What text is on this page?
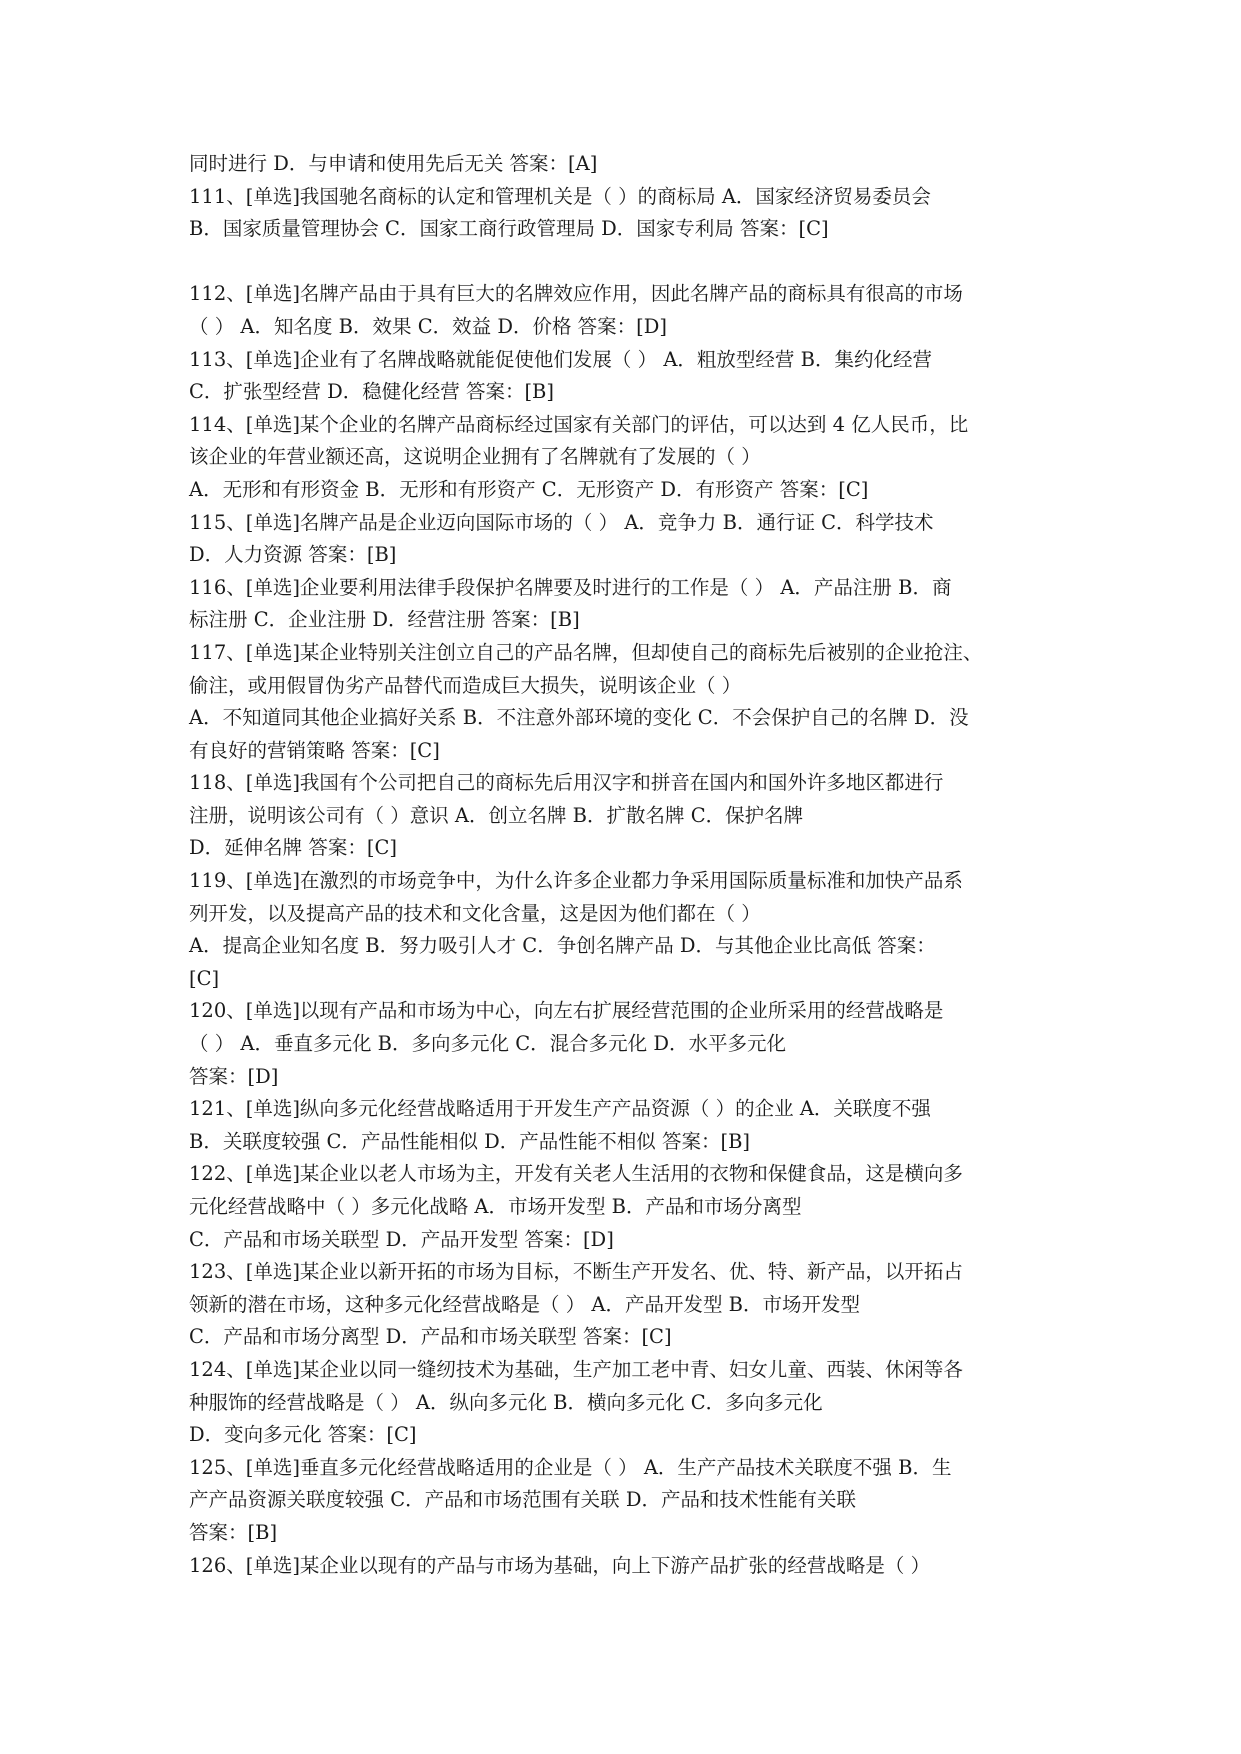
同时进行 D．与申请和使用先后无关 答案：[A]
111、[单选]我国驰名商标的认定和管理机关是（ ）的商标局 A．国家经济贸易委员会
B．国家质量管理协会 C．国家工商行政管理局 D．国家专利局 答案：[C]
112、[单选]名牌产品由于具有巨大的名牌效应作用，因此名牌产品的商标具有很高的市场
（ ） A．知名度 B．效果 C．效益 D．价格 答案：[D]
113、[单选]企业有了名牌战略就能促使他们发展（ ） A．粗放型经营 B．集约化经营
C．扩张型经营 D．稳健化经营 答案：[B]
114、[单选]某个企业的名牌产品商标经过国家有关部门的评估，可以达到 4 亿人民币，比
该企业的年营业额还高，这说明企业拥有了名牌就有了发展的（ ）
A．无形和有形资金 B．无形和有形资产 C．无形资产 D．有形资产 答案：[C]
115、[单选]名牌产品是企业迈向国际市场的（ ） A．竞争力 B．通行证 C．科学技术
D．人力资源 答案：[B]
116、[单选]企业要利用法律手段保护名牌要及时进行的工作是（ ） A．产品注册 B．商
标注册 C．企业注册 D．经营注册 答案：[B]
117、[单选]某企业特别关注创立自己的产品名牌，但却使自己的商标先后被别的企业抢注、
偷注，或用假冒伪劣产品替代而造成巨大损失，说明该企业（ ）
A．不知道同其他企业搞好关系 B．不注意外部环境的变化 C．不会保护自己的名牌 D．没
有良好的营销策略 答案：[C]
118、[单选]我国有个公司把自己的商标先后用汉字和拼音在国内和国外许多地区都进行
注册，说明该公司有（ ）意识 A．创立名牌 B．扩散名牌 C．保护名牌
D．延伸名牌 答案：[C]
119、[单选]在激烈的市场竞争中，为什么许多企业都力争采用国际质量标准和加快产品系
列开发，以及提高产品的技术和文化含量，这是因为他们都在（ ）
A．提高企业知名度 B．努力吸引人才 C．争创名牌产品 D．与其他企业比高低 答案：
[C]
120、[单选]以现有产品和市场为中心，向左右扩展经营范围的企业所采用的经营战略是
（ ） A．垂直多元化 B．多向多元化 C．混合多元化 D．水平多元化
答案：[D]
121、[单选]纵向多元化经营战略适用于开发生产产品资源（ ）的企业 A．关联度不强
B．关联度较强 C．产品性能相似 D．产品性能不相似 答案：[B]
122、[单选]某企业以老人市场为主，开发有关老人生活用的衣物和保健食品，这是横向多
元化经营战略中（ ）多元化战略 A．市场开发型 B．产品和市场分离型
C．产品和市场关联型 D．产品开发型 答案：[D]
123、[单选]某企业以新开拓的市场为目标，不断生产开发名、优、特、新产品，以开拓占
领新的潜在市场，这种多元化经营战略是（ ） A．产品开发型 B．市场开发型
C．产品和市场分离型 D．产品和市场关联型 答案：[C]
124、[单选]某企业以同一缝纫技术为基础，生产加工老中青、妇女儿童、西装、休闲等各
种服饰的经营战略是（ ） A．纵向多元化 B．横向多元化 C．多向多元化
D．变向多元化 答案：[C]
125、[单选]垂直多元化经营战略适用的企业是（ ） A．生产产品技术关联度不强 B．生
产产品资源关联度较强 C．产品和市场范围有关联 D．产品和技术性能有关联
答案：[B]
126、[单选]某企业以现有的产品与市场为基础，向上下游产品扩张的经营战略是（ ）
